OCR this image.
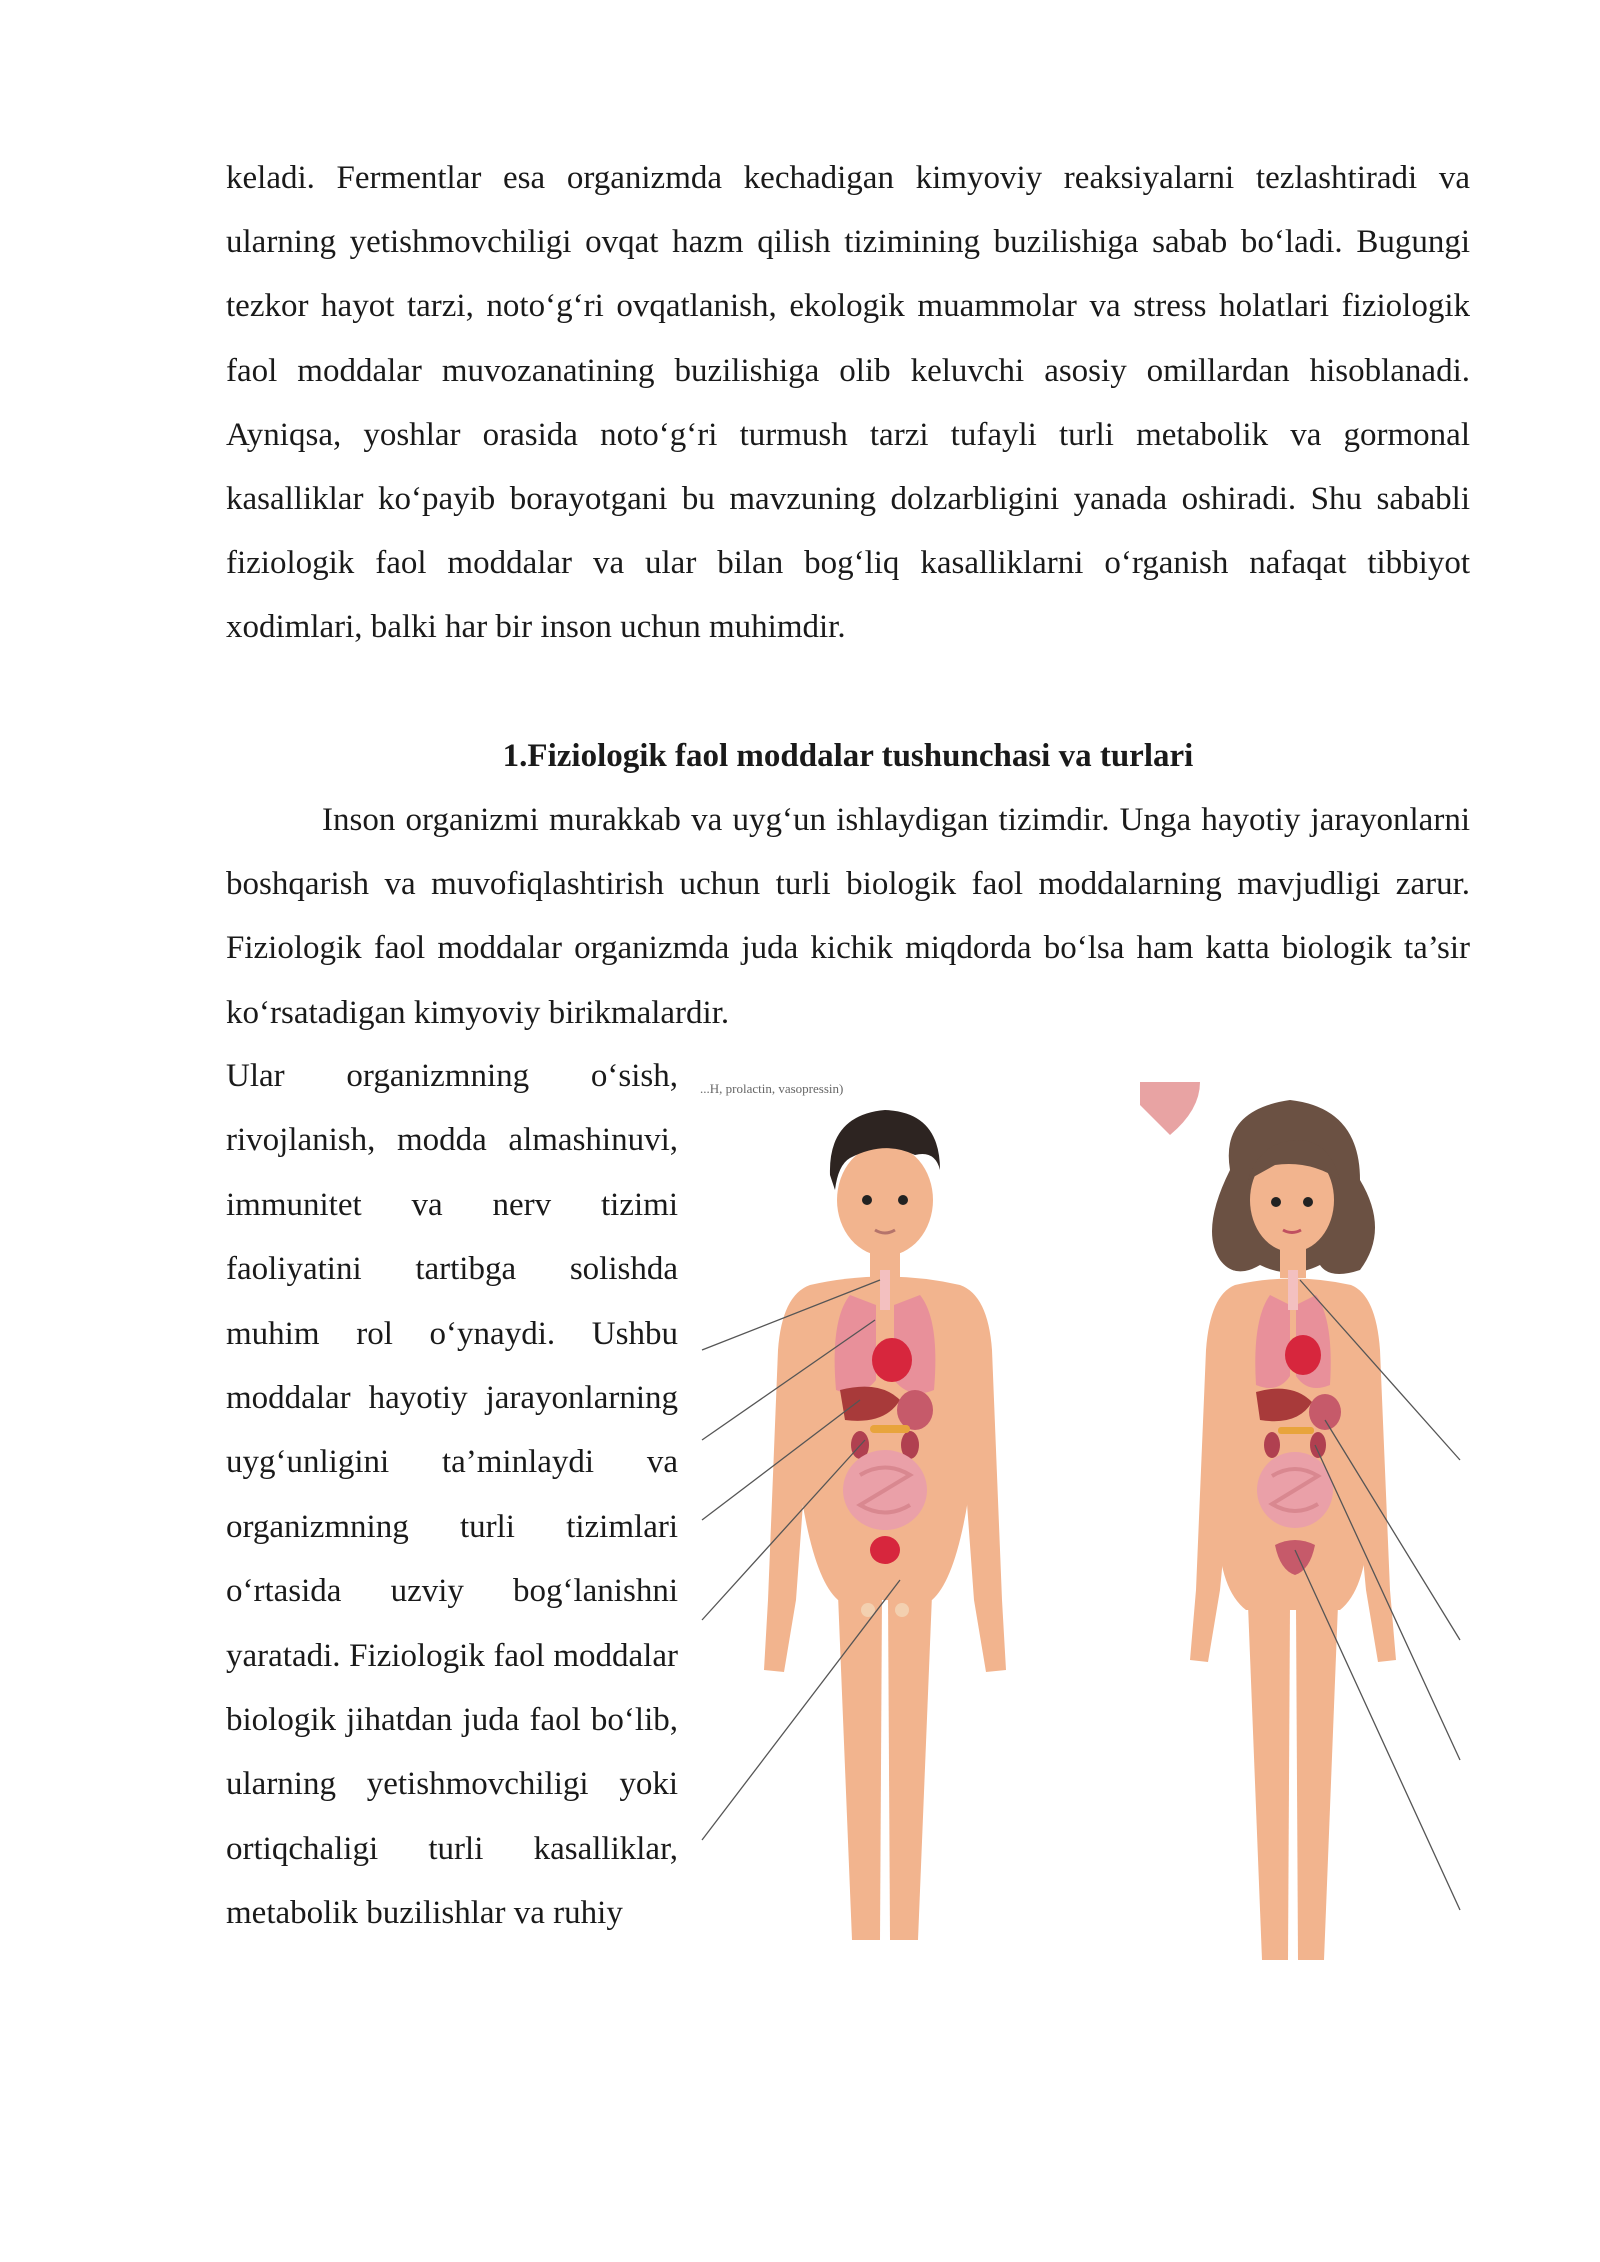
keladi. Fermentlar esa organizmda kechadigan kimyoviy reaksiyalarni tezlashtiradi va ularning yetishmovchiligi ovqat hazm qilish tizimining buzilishiga sabab bo‘ladi. Bugungi tezkor hayot tarzi, noto‘g‘ri ovqatlanish, ekologik muammolar va stress holatlari fiziologik faol moddalar muvozanatining buzilishiga olib keluvchi asosiy omillardan hisoblanadi. Ayniqsa, yoshlar orasida noto‘g‘ri turmush tarzi tufayli turli metabolik va gormonal kasalliklar ko‘payib borayotgani bu mavzuning dolzarbligini yanada oshiradi. Shu sababli fiziologik faol moddalar va ular bilan bog‘liq kasalliklarni o‘rganish nafaqat tibbiyot xodimlari, balki har bir inson uchun muhimdir.

1.Fiziologik faol moddalar tushunchasi va turlari

Inson organizmi murakkab va uyg‘un ishlaydigan tizimdir. Unga hayotiy jarayonlarni boshqarish va muvofiqlashtirish uchun turli biologik faol moddalarning mavjudligi zarur. Fiziologik faol moddalar organizmda juda kichik miqdorda bo‘lsa ham katta biologik ta’sir ko‘rsatadigan kimyoviy birikmalardir.

Ular organizmning o‘sish, rivojlanish, modda almashinuvi, immunitet va nerv tizimi faoliyatini tartibga solishda muhim rol o‘ynaydi. Ushbu moddalar hayotiy jarayonlarning uyg‘unligini ta’minlaydi va organizmning turli tizimlari o‘rtasida uzviy bog‘lanishni yaratadi. Fiziologik faol moddalar biologik jihatdan juda faol bo‘lib, ularning yetishmovchiligi yoki ortiqchaligi turli kasalliklar, metabolik buzilishlar va ruhiy

...H, prolactin, vasopressin)
